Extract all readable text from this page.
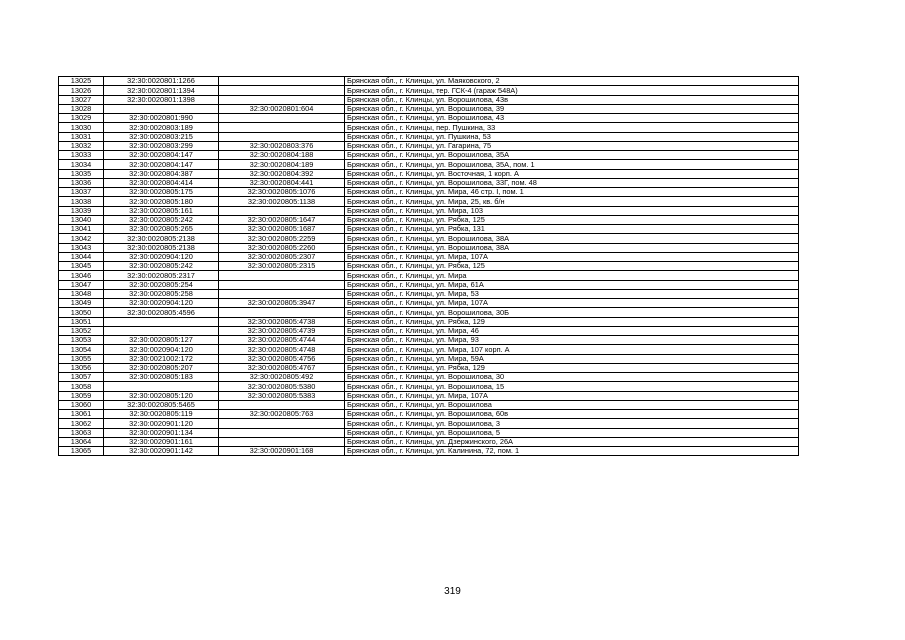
13025	32:30:0020801:1266		Брянская обл., г. Клинцы, ул. Маяковского, 2
13026	32:30:0020801:1394		Брянская обл., г. Клинцы, тер. ГСК-4 (гараж 548А)
13027	32:30:0020801:1398		Брянская обл., г. Клинцы, ул. Ворошилова, 43в
13028		32:30:0020801:604	Брянская обл., г. Клинцы, ул. Ворошилова, 39
13029	32:30:0020801:990		Брянская обл., г. Клинцы, ул. Ворошилова, 43
13030	32:30:0020803:189		Брянская обл., г. Клинцы, пер. Пушкина, 33
13031	32:30:0020803:215		Брянская обл., г. Клинцы, ул. Пушкина, 53
13032	32:30:0020803:299	32:30:0020803:376	Брянская обл., г. Клинцы, ул. Гагарина, 75
13033	32:30:0020804:147	32:30:0020804:188	Брянская обл., г. Клинцы, ул. Ворошилова, 35А
13034	32:30:0020804:147	32:30:0020804:189	Брянская обл., г. Клинцы, ул. Ворошилова, 35А, пом. 1
13035	32:30:0020804:387	32:30:0020804:392	Брянская обл., г. Клинцы, ул. Восточная, 1 корп. А
13036	32:30:0020804:414	32:30:0020804:441	Брянская обл., г. Клинцы, ул. Ворошилова, 33Г, пом. 48
13037	32:30:0020805:175	32:30:0020805:1076	Брянская обл., г. Клинцы, ул. Мира, 46 стр. I, пом. 1
13038	32:30:0020805:180	32:30:0020805:1138	Брянская обл., г. Клинцы, ул. Мира, 25, кв. б/н
13039	32:30:0020805:161		Брянская обл., г. Клинцы, ул. Мира, 103
13040	32:30:0020805:242	32:30:0020805:1647	Брянская обл., г. Клинцы, ул. Рябка, 125
13041	32:30:0020805:265	32:30:0020805:1687	Брянская обл., г. Клинцы, ул. Рябка, 131
13042	32:30:0020805:2138	32:30:0020805:2259	Брянская обл., г. Клинцы, ул. Ворошилова, 38А
13043	32:30:0020805:2138	32:30:0020805:2260	Брянская обл., г. Клинцы, ул. Ворошилова, 38А
13044	32:30:0020904:120	32:30:0020805:2307	Брянская обл., г. Клинцы, ул. Мира, 107А
13045	32:30:0020805:242	32:30:0020805:2315	Брянская обл., г. Клинцы, ул. Рябка, 125
13046	32:30:0020805:2317		Брянская обл., г. Клинцы, ул. Мира
13047	32:30:0020805:254		Брянская обл., г. Клинцы, ул. Мира, 61А
13048	32:30:0020805:258		Брянская обл., г. Клинцы, ул. Мира, 53
13049	32:30:0020904:120	32:30:0020805:3947	Брянская обл., г. Клинцы, ул. Мира, 107А
13050	32:30:0020805:4596		Брянская обл., г. Клинцы, ул. Ворошилова, 30Б
13051		32:30:0020805:4738	Брянская обл., г. Клинцы, ул. Рябка, 129
13052		32:30:0020805:4739	Брянская обл., г. Клинцы, ул. Мира, 46
13053	32:30:0020805:127	32:30:0020805:4744	Брянская обл., г. Клинцы, ул. Мира, 93
13054	32:30:0020904:120	32:30:0020805:4748	Брянская обл., г. Клинцы, ул. Мира, 107 корп. А
13055	32:30:0021002:172	32:30:0020805:4756	Брянская обл., г. Клинцы, ул. Мира, 59А
13056	32:30:0020805:207	32:30:0020805:4767	Брянская обл., г. Клинцы, ул. Рябка, 129
13057	32:30:0020805:183	32:30:0020805:492	Брянская обл., г. Клинцы, ул. Ворошилова, 30
13058		32:30:0020805:5380	Брянская обл., г. Клинцы, ул. Ворошилова, 15
13059	32:30:0020805:120	32:30:0020805:5383	Брянская обл., г. Клинцы, ул. Мира, 107А
13060	32:30:0020805:5465		Брянская обл., г. Клинцы, ул. Ворошилова
13061	32:30:0020805:119	32:30:0020805:763	Брянская обл., г. Клинцы, ул. Ворошилова, 60в
13062	32:30:0020901:120		Брянская обл., г. Клинцы, ул. Ворошилова, 3
13063	32:30:0020901:134		Брянская обл., г. Клинцы, ул. Ворошилова, 5
13064	32:30:0020901:161		Брянская обл., г. Клинцы, ул. Дзержинского, 26А
13065	32:30:0020901:142	32:30:0020901:168	Брянская обл., г. Клинцы, ул. Калинина, 72, пом. 1
319
